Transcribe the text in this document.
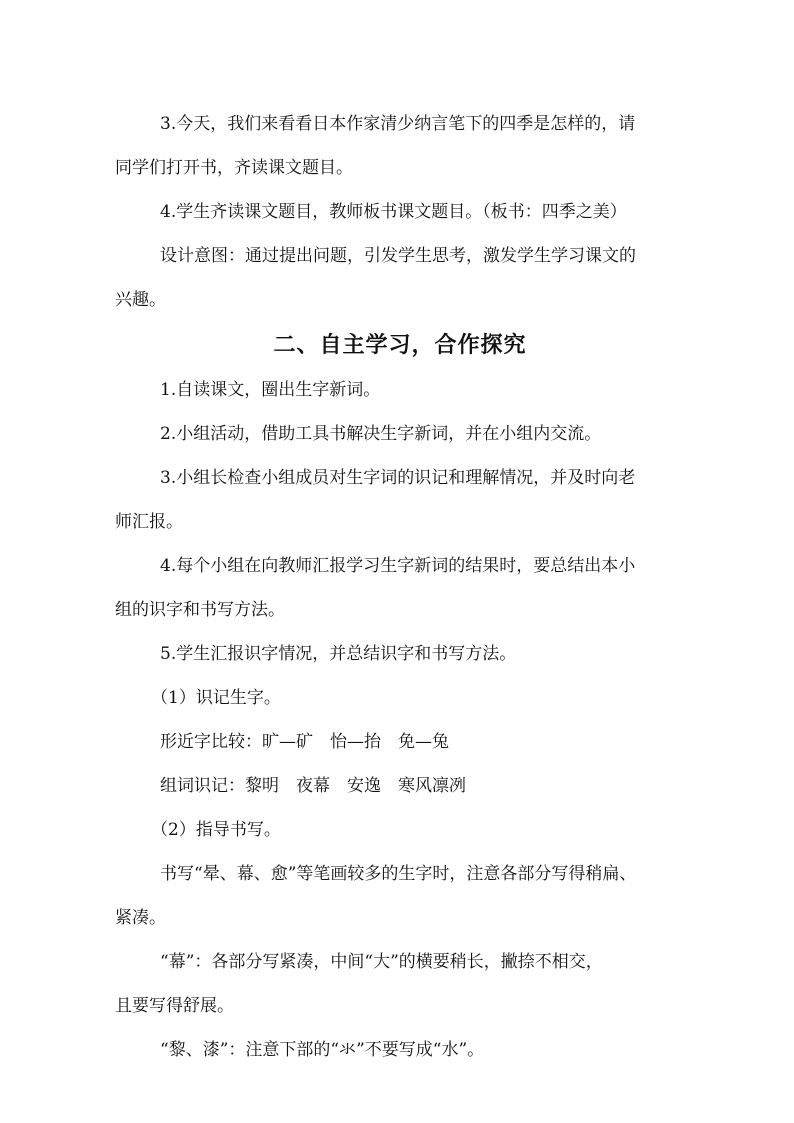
3.今天，我们来看看日本作家清少纳言笔下的四季是怎样的，请

同学们打开书，齐读课文题目。

4.学生齐读课文题目，教师板书课文题目。（板书：四季之美）

设计意图：通过提出问题，引发学生思考，激发学生学习课文的

兴趣。

二、自主学习，合作探究

1.自读课文，圈出生字新词。

2.小组活动，借助工具书解决生字新词，并在小组内交流。

3.小组长检查小组成员对生字词的识记和理解情况，并及时向老

师汇报。

4.每个小组在向教师汇报学习生字新词的结果时，要总结出本小

组的识字和书写方法。

5.学生汇报识字情况，并总结识字和书写方法。

（1）识记生字。

形近字比较：旷—矿　怡—抬　免—兔

组词识记：黎明　夜幕　安逸　寒风凛冽

（2）指导书写。

书写“晕、幕、愈”等笔画较多的生字时，注意各部分写得稍扁、

紧凑。

“幕”：各部分写紧凑，中间“大”的横要稍长，撇捺不相交，

且要写得舒展。

“黎、漆”：注意下部的“氺”不要写成“水”。
